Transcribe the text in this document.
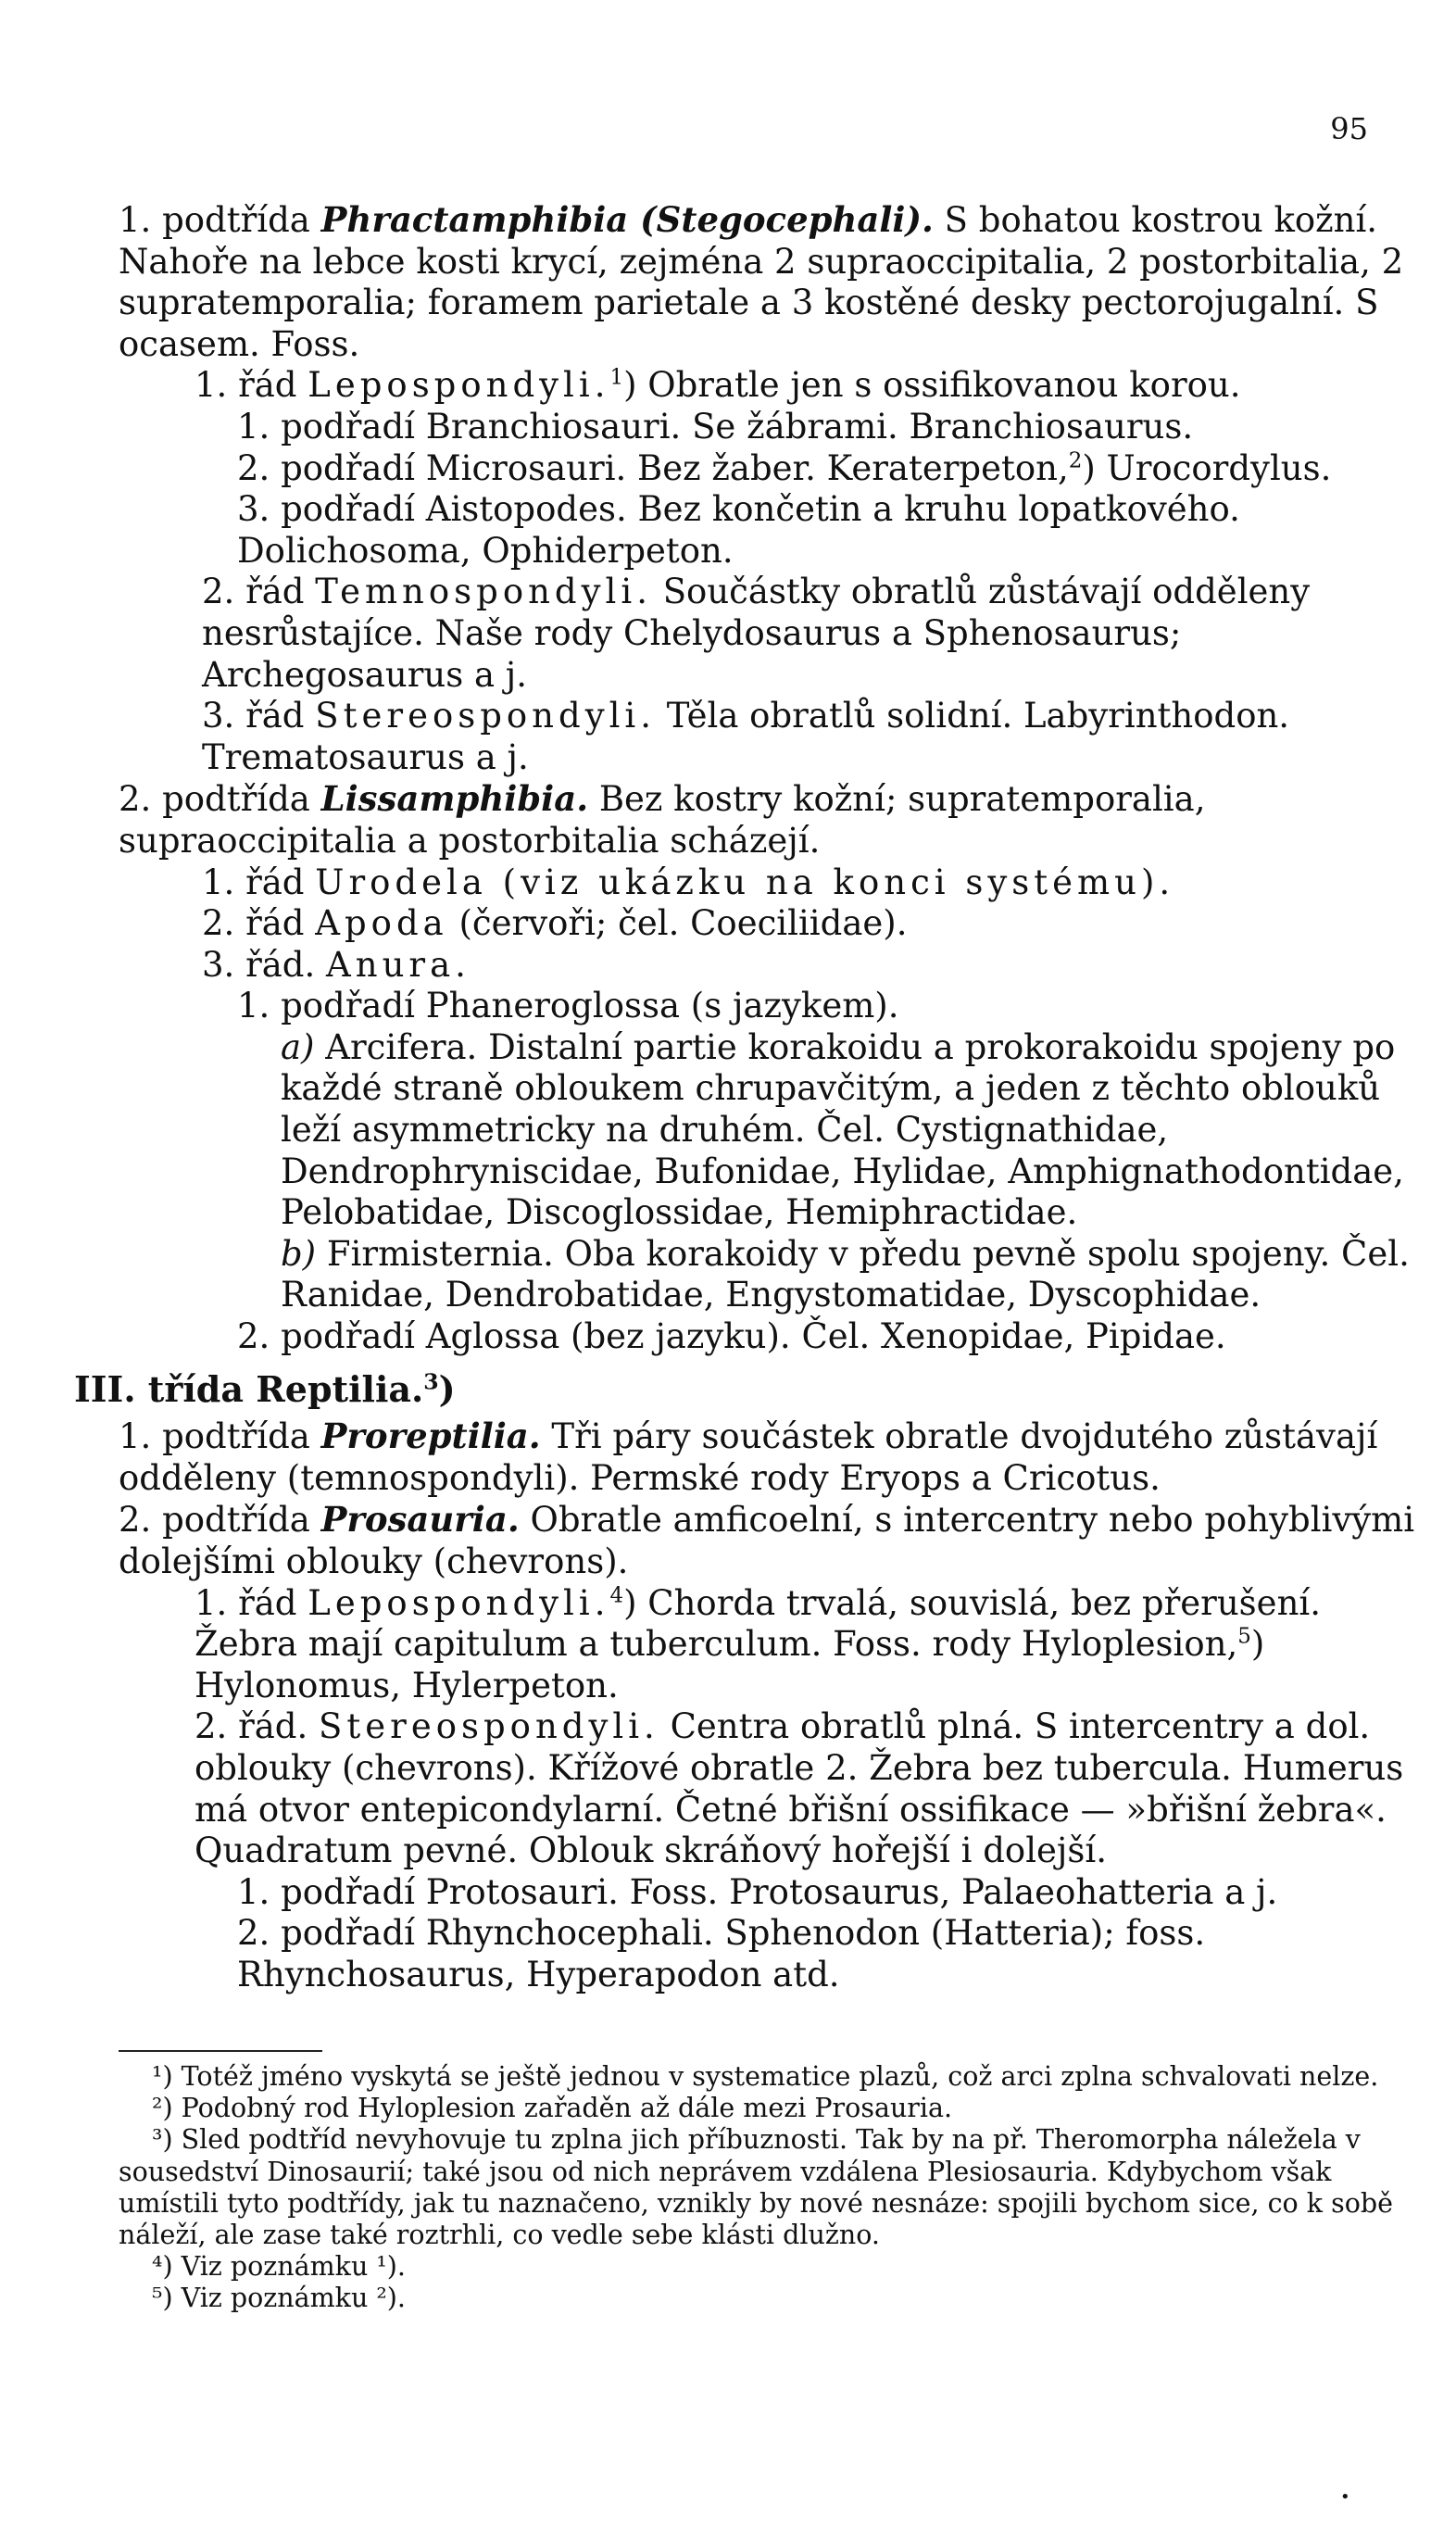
95

1. podtřída Phractamphibia (Stegocephali). S bohatou kostrou kožní. Nahoře na lebce kosti krycí, zejména 2 supraoccipitalia, 2 postorbitalia, 2 supratemporalia; foramem parietale a 3 kostěné desky pectorojugalní. S ocasem. Foss.

1. řád Lepospondyli.$^1$) Obratle jen s ossifikovanou korou.

1. podřadí Branchiosauri. Se žábrami. Branchiosaurus.

2. podřadí Microsauri. Bez žaber. Keraterpeton,$^2$) Urocordylus.

3. podřadí Aistopodes. Bez končetin a kruhu lopatkového. Dolichosoma, Ophiderpeton.

2. řád Temnospondyli. Součástky obratlů zůstávají odděleny nesrůstajíce. Naše rody Chelydosaurus a Sphenosaurus; Archegosaurus a j.

3. řád Stereospondyli. Těla obratlů solidní. Labyrinthodon. Trematosaurus a j.

2. podtřída Lissamphibia. Bez kostry kožní; supratemporalia, supraoccipitalia a postorbitalia scházejí.

1. řád Urodela (viz ukázku na konci systému).

2. řád Apoda (červoři; čel. Coeciliidae).

3. řád. Anura.

1. podřadí Phaneroglossa (s jazykem).

a) Arcifera. Distalní partie korakoidu a prokorakoidu spojeny po každé straně obloukem chrupavčitým, a jeden z těchto oblouků leží asymmetricky na druhém. Čel. Cystignathidae, Dendrophryniscidae, Bufonidae, Hylidae, Amphignathodontidae, Pelobatidae, Discoglossidae, Hemiphractidae.

b) Firmisternia. Oba korakoidy v předu pevně spolu spojeny. Čel. Ranidae, Dendrobatidae, Engystomatidae, Dyscophidae.

2. podřadí Aglossa (bez jazyku). Čel. Xenopidae, Pipidae.

III. třída Reptilia.$^3$)

1. podtřída Proreptilia. Tři páry součástek obratle dvojdutého zůstávají odděleny (temnospondyli). Permské rody Eryops a Cricotus.

2. podtřída Prosauria. Obratle amficoelní, s intercentry nebo pohyblivými dolejšími oblouky (chevrons).

1. řád Lepospondyli.$^4$) Chorda trvalá, souvislá, bez přerušení. Žebra mají capitulum a tuberculum. Foss. rody Hyloplesion,$^5$) Hylonomus, Hylerpeton.

2. řád. Stereospondyli. Centra obratlů plná. S intercentry a dol. oblouky (chevrons). Křížové obratle 2. Žebra bez tubercula. Humerus má otvor entepicondylarní. Četné břišní ossifikace — »břišní žebra«. Quadratum pevné. Oblouk skráňový hořejší i dolejší.

1. podřadí Protosauri. Foss. Protosaurus, Palaeohatteria a j.

2. podřadí Rhynchocephali. Sphenodon (Hatteria); foss. Rhynchosaurus, Hyperapodon atd.

¹) Totéž jméno vyskytá se ještě jednou v systematice plazů, což arci zplna schvalovati nelze.

²) Podobný rod Hyloplesion zařaděn až dále mezi Prosauria.

³) Sled podtříd nevyhovuje tu zplna jich příbuznosti. Tak by na př. Theromorpha náležela v sousedství Dinosaurií; také jsou od nich neprávem vzdálena Plesiosauria. Kdybychom však umístili tyto podtřídy, jak tu naznačeno, vznikly by nové nesnáze: spojili bychom sice, co k sobě náleží, ale zase také roztrhli, co vedle sebe klásti dlužno.

⁴) Viz poznámku ¹).

⁵) Viz poznámku ²).

•
